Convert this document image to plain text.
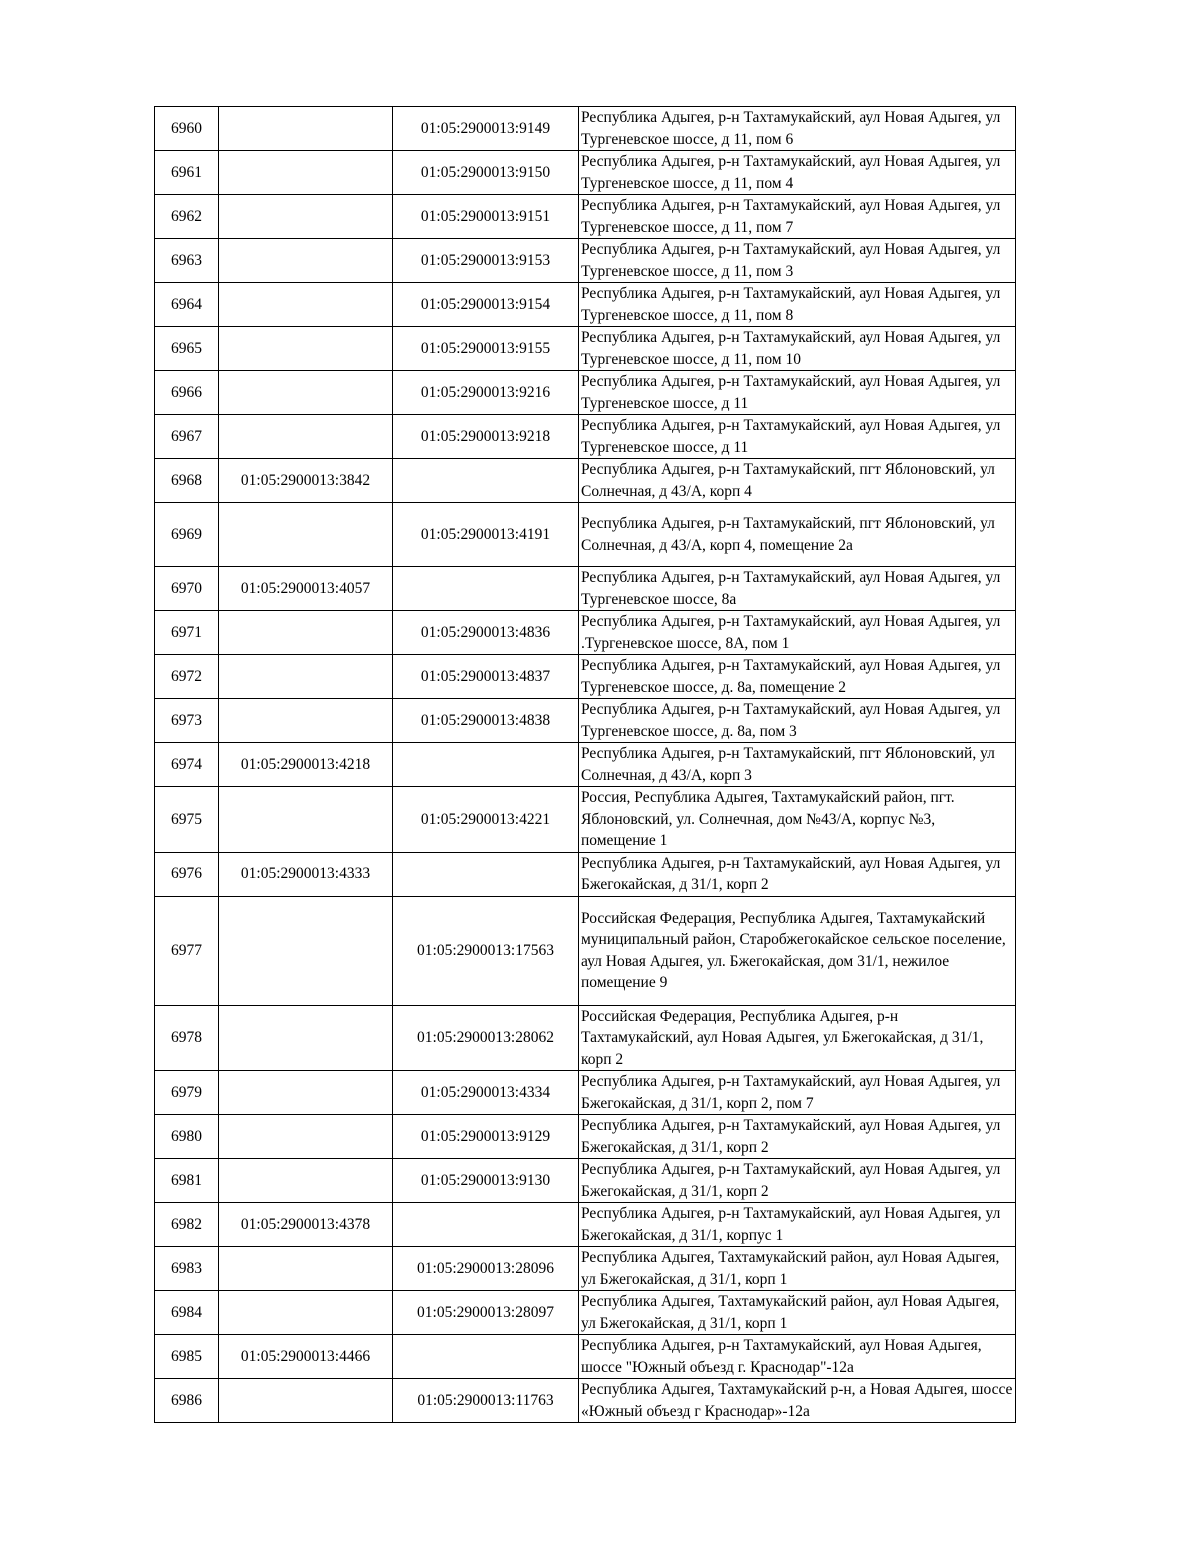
6960		01:05:2900013:9149	Республика Адыгея, р-н Тахтамукайский, аул Новая Адыгея, ул Тургеневское шоссе, д 11, пом 6
6961		01:05:2900013:9150	Республика Адыгея, р-н Тахтамукайский, аул Новая Адыгея, ул Тургеневское шоссе, д 11, пом 4
6962		01:05:2900013:9151	Республика Адыгея, р-н Тахтамукайский, аул Новая Адыгея, ул Тургеневское шоссе, д 11, пом 7
6963		01:05:2900013:9153	Республика Адыгея, р-н Тахтамукайский, аул Новая Адыгея, ул Тургеневское шоссе, д 11, пом 3
6964		01:05:2900013:9154	Республика Адыгея, р-н Тахтамукайский, аул Новая Адыгея, ул Тургеневское шоссе, д 11, пом 8
6965		01:05:2900013:9155	Республика Адыгея, р-н Тахтамукайский, аул Новая Адыгея, ул Тургеневское шоссе, д 11, пом 10
6966		01:05:2900013:9216	Республика Адыгея, р-н Тахтамукайский, аул Новая Адыгея, ул Тургеневское шоссе, д 11
6967		01:05:2900013:9218	Республика Адыгея, р-н Тахтамукайский, аул Новая Адыгея, ул Тургеневское шоссе, д 11
6968	01:05:2900013:3842		Республика Адыгея, р-н Тахтамукайский, пгт Яблоновский, ул Солнечная, д 43/А, корп 4
6969		01:05:2900013:4191	Республика Адыгея, р-н Тахтамукайский, пгт Яблоновский, ул Солнечная, д 43/А, корп 4, помещение 2а
6970	01:05:2900013:4057		Республика Адыгея, р-н Тахтамукайский, аул Новая Адыгея, ул Тургеневское шоссе, 8а
6971		01:05:2900013:4836	Республика Адыгея, р-н Тахтамукайский, аул Новая Адыгея, ул .Тургеневское шоссе, 8А, пом 1
6972		01:05:2900013:4837	Республика Адыгея, р-н Тахтамукайский, аул Новая Адыгея, ул Тургеневское шоссе, д. 8а, помещение 2
6973		01:05:2900013:4838	Республика Адыгея, р-н Тахтамукайский, аул Новая Адыгея, ул Тургеневское шоссе, д. 8а, пом 3
6974	01:05:2900013:4218		Республика Адыгея, р-н Тахтамукайский, пгт Яблоновский, ул Солнечная, д 43/А, корп 3
6975		01:05:2900013:4221	Россия, Республика Адыгея, Тахтамукайский район, пгт. Яблоновский, ул. Солнечная, дом №43/А, корпус №3, помещение 1
6976	01:05:2900013:4333		Республика Адыгея, р-н Тахтамукайский, аул Новая Адыгея, ул Бжегокайская, д 31/1, корп 2
6977		01:05:2900013:17563	Российская Федерация, Республика Адыгея, Тахтамукайский муниципальный район, Старобжегокайское сельское поселение, аул Новая Адыгея, ул. Бжегокайская, дом 31/1, нежилое помещение 9
6978		01:05:2900013:28062	Российская Федерация, Республика Адыгея, р-н Тахтамукайский, аул Новая Адыгея, ул Бжегокайская, д 31/1, корп 2
6979		01:05:2900013:4334	Республика Адыгея, р-н Тахтамукайский, аул Новая Адыгея, ул Бжегокайская, д 31/1, корп 2, пом 7
6980		01:05:2900013:9129	Республика Адыгея, р-н Тахтамукайский, аул Новая Адыгея, ул Бжегокайская, д 31/1, корп 2
6981		01:05:2900013:9130	Республика Адыгея, р-н Тахтамукайский, аул Новая Адыгея, ул Бжегокайская, д 31/1, корп 2
6982	01:05:2900013:4378		Республика Адыгея, р-н Тахтамукайский, аул Новая Адыгея, ул Бжегокайская, д 31/1, корпус 1
6983		01:05:2900013:28096	Республика Адыгея, Тахтамукайский район, аул Новая Адыгея, ул Бжегокайская, д 31/1, корп 1
6984		01:05:2900013:28097	Республика Адыгея, Тахтамукайский район, аул Новая Адыгея, ул Бжегокайская, д 31/1, корп 1
6985	01:05:2900013:4466		Республика Адыгея, р-н Тахтамукайский, аул Новая Адыгея, шоссе "Южный объезд г. Краснодар"-12а
6986		01:05:2900013:11763	Республика Адыгея, Тахтамукайский р-н, а Новая Адыгея, шоссе «Южный объезд г Краснодар»-12а
